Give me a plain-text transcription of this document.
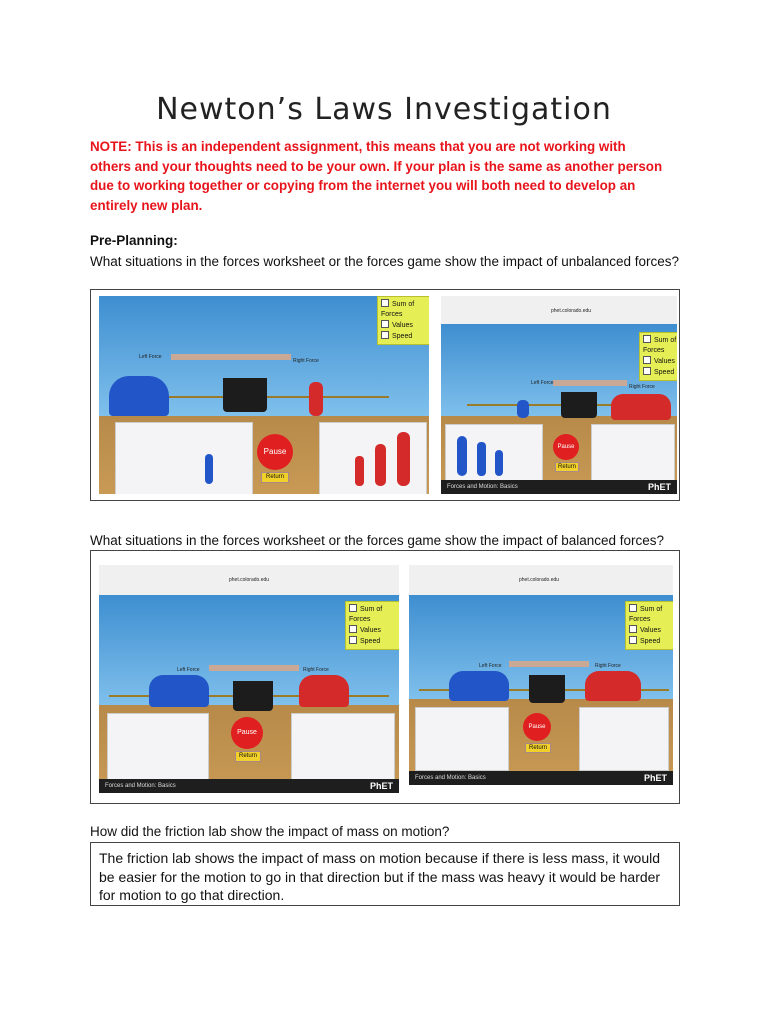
Newton’s Laws Investigation
NOTE: This is an independent assignment, this means that you are not working with others and your thoughts need to be your own. If your plan is the same as another person due to working together or copying from the internet you will both need to develop an entirely new plan.
Pre-Planning:
What situations in the forces worksheet or the forces game show the impact of unbalanced forces?
Sum of Forces
Values
Speed
Left Force
Right Force
Pause
Return
phet.colorado.edu
Sum of Forces
Values
Speed
Left Force
Right Force
Pause
Return
Forces and Motion: Basics	PhET
What situations in the forces worksheet or the forces game show the impact of balanced forces?
phet.colorado.edu
Sum of Forces
Values
Speed
Left Force	Right Force
Pause
Return
Forces and Motion: Basics	PhET
phet.colorado.edu
Sum of Forces
Values
Speed
Left Force	Right Force
Pause
Return
Forces and Motion: Basics	PhET
How did the friction lab show the impact of mass on motion?
The friction lab shows the impact of mass on motion because if there is less mass, it would be easier for the motion to go in that direction but if the mass was heavy it would be harder for motion to go that direction.
